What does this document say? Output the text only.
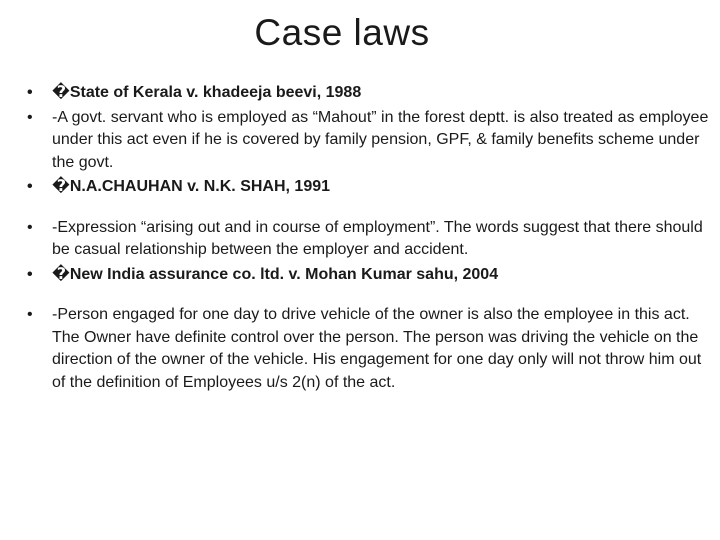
Case laws
• �State of Kerala v. khadeeja beevi, 1988
• -A govt. servant who is employed as “Mahout” in the forest deptt. is also treated as employee under this act even if he is covered by family pension, GPF, & family benefits scheme under the govt.
• �N.A.CHAUHAN v. N.K. SHAH, 1991
• -Expression “arising out and in course of employment”. The words suggest that there should be casual relationship between the employer and accident.
• �New India assurance co. ltd. v. Mohan Kumar sahu, 2004
• -Person engaged for one day to drive vehicle of the owner is also the employee in this act. The Owner have definite control over the person. The person was driving the vehicle on the direction of the owner of the vehicle. His engagement for one day only will not throw him out of the definition of Employees u/s 2(n) of the act.
